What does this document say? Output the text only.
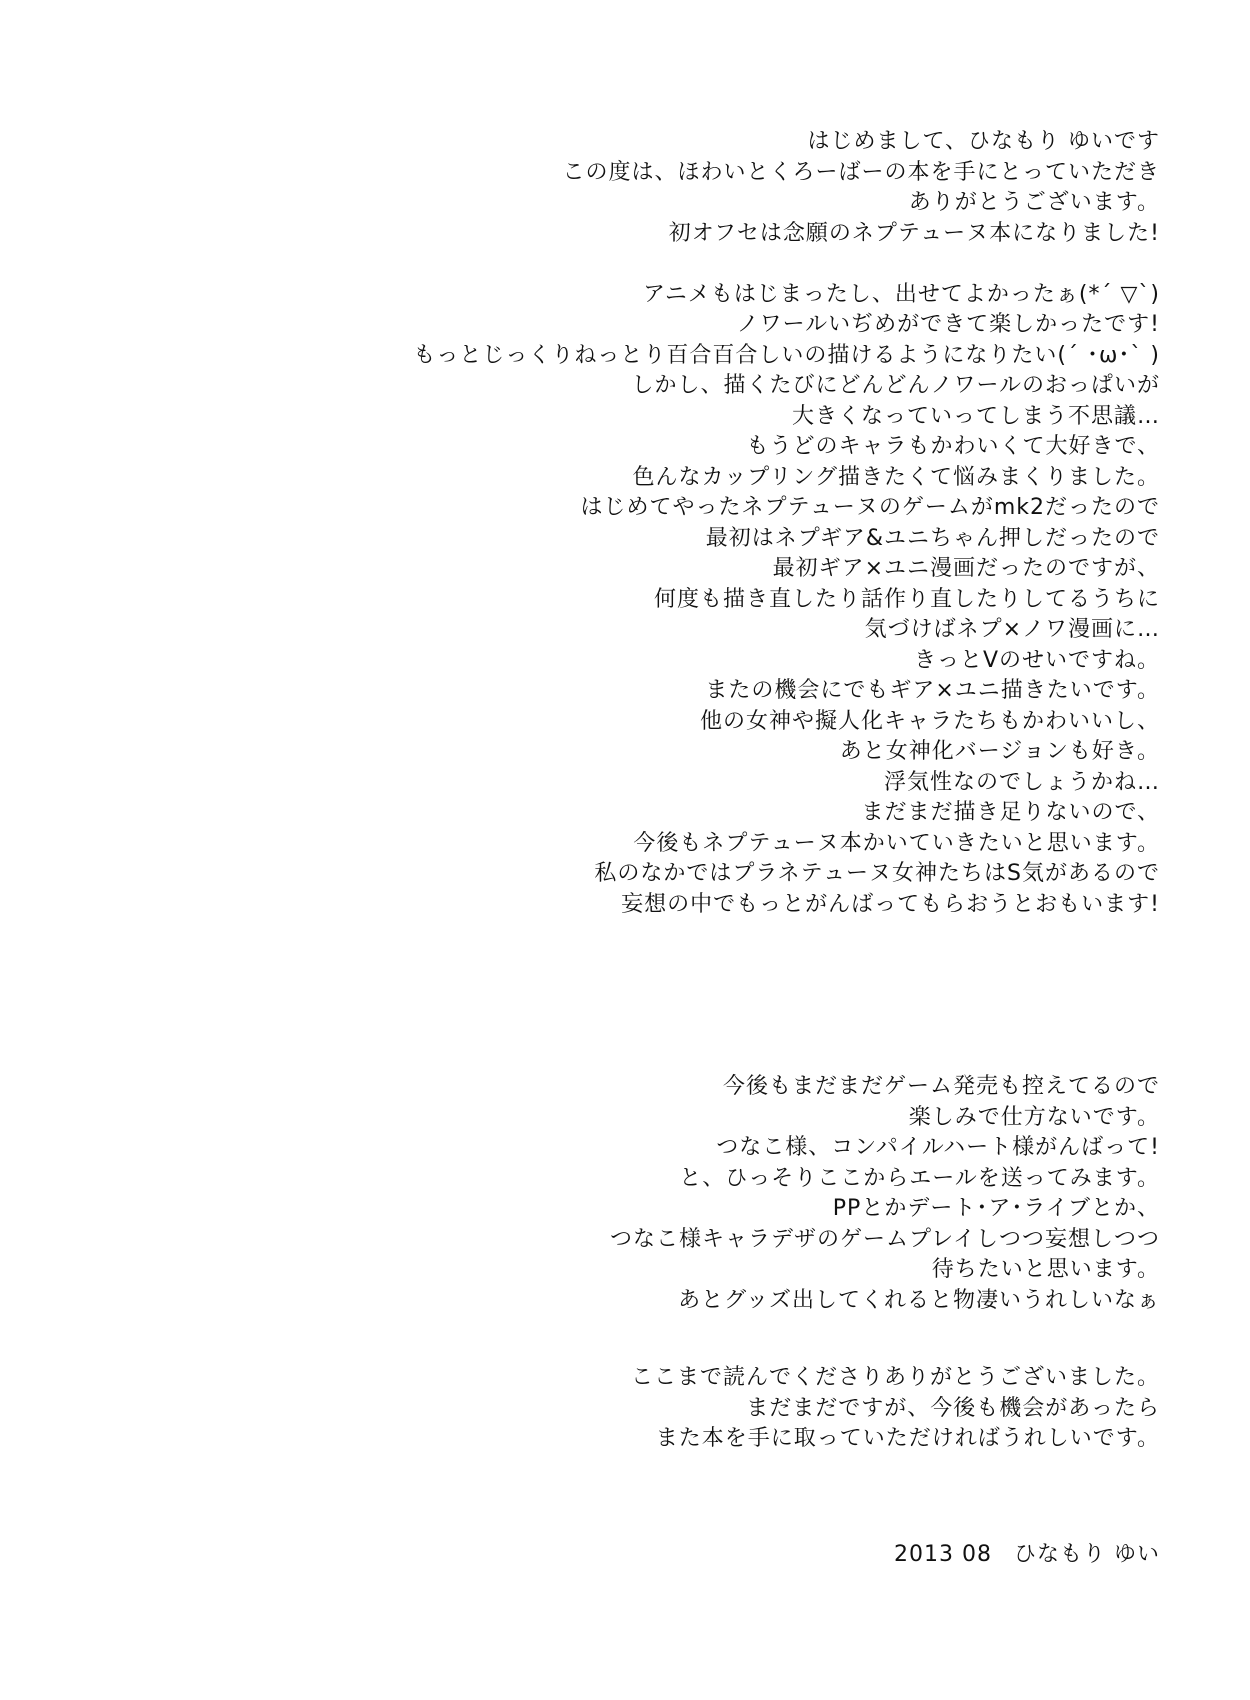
はじめまして、ひなもり ゆいです
この度は、ほわいとくろーばーの本を手にとっていただき
ありがとうございます。
初オフセは念願のネプテューヌ本になりました!
アニメもはじまったし、出せてよかったぁ(*´ ▽`)
ノワールいぢめができて楽しかったです!
もっとじっくりねっとり百合百合しいの描けるようになりたい(´ ･ω･` )
しかし、描くたびにどんどんノワールのおっぱいが
大きくなっていってしまう不思議…
もうどのキャラもかわいくて大好きで、
色んなカップリング描きたくて悩みまくりました。
はじめてやったネプテューヌのゲームがmk2だったので
最初はネプギア&ユニちゃん押しだったので
最初ギア×ユニ漫画だったのですが、
何度も描き直したり話作り直したりしてるうちに
気づけばネプ×ノワ漫画に…
きっとVのせいですね。
またの機会にでもギア×ユニ描きたいです。
他の女神や擬人化キャラたちもかわいいし、
あと女神化バージョンも好き。
浮気性なのでしょうかね…
まだまだ描き足りないので、
今後もネプテューヌ本かいていきたいと思います。
私のなかではプラネテューヌ女神たちはS気があるので
妄想の中でもっとがんばってもらおうとおもいます!
今後もまだまだゲーム発売も控えてるので
楽しみで仕方ないです。
つなこ様、コンパイルハート様がんばって!
と、ひっそりここからエールを送ってみます。
PPとかデート･ア･ライブとか、
つなこ様キャラデザのゲームプレイしつつ妄想しつつ
待ちたいと思います。
あとグッズ出してくれると物凄いうれしいなぁ
ここまで読んでくださりありがとうございました。
まだまだですが、今後も機会があったら
また本を手に取っていただければうれしいです。
2013 08 ひなもり ゆい
